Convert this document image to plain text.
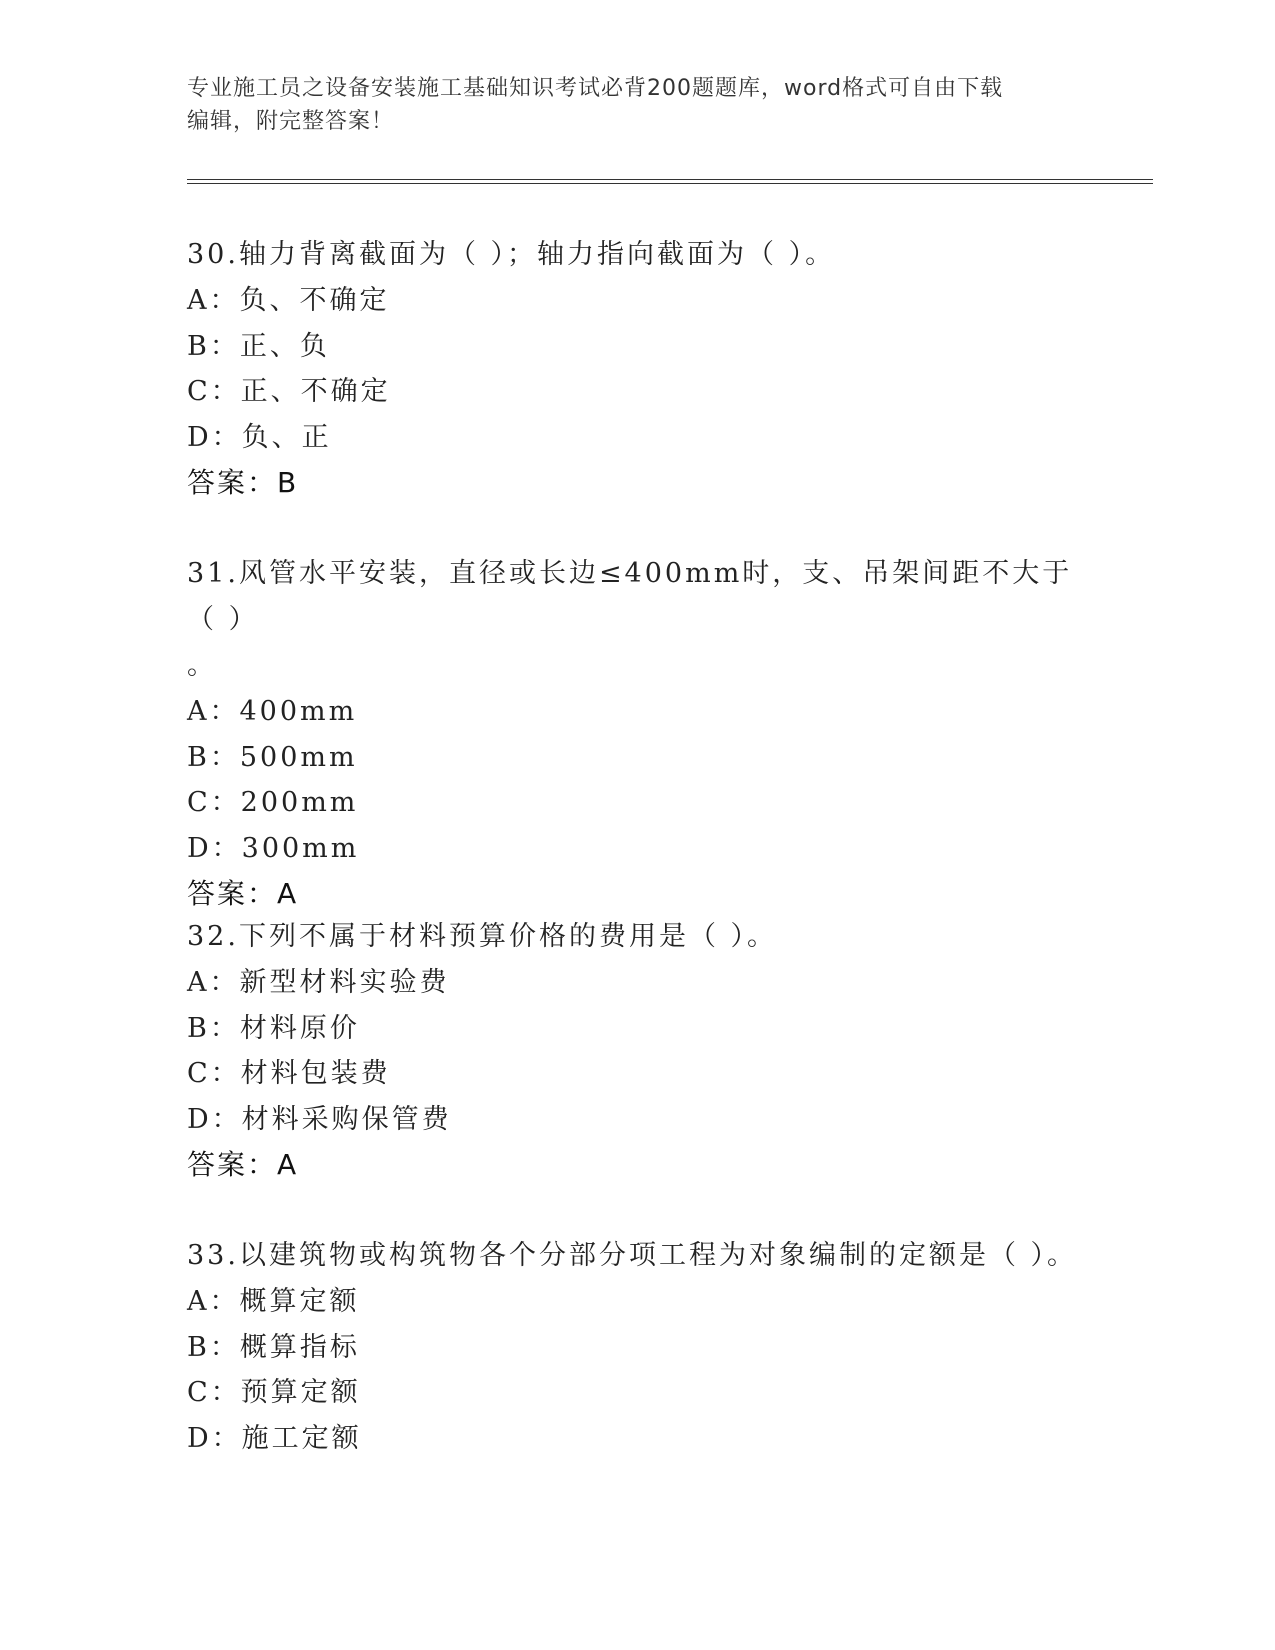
专业施工员之设备安装施工基础知识考试必背200题题库，word格式可自由下载
编辑，附完整答案！

30.轴力背离截面为（ ）；轴力指向截面为（ ）。

A：负、不确定

B：正、负

C：正、不确定

D：负、正

答案：B

31.风管水平安装，直径或长边≤400mm时，支、吊架间距不大于（ ）

。

A：400mm

B：500mm

C：200mm

D：300mm

答案：A

32.下列不属于材料预算价格的费用是（ ）。

A：新型材料实验费

B：材料原价

C：材料包装费

D：材料采购保管费

答案：A

33.以建筑物或构筑物各个分部分项工程为对象编制的定额是（ ）。

A：概算定额

B：概算指标

C：预算定额

D：施工定额
